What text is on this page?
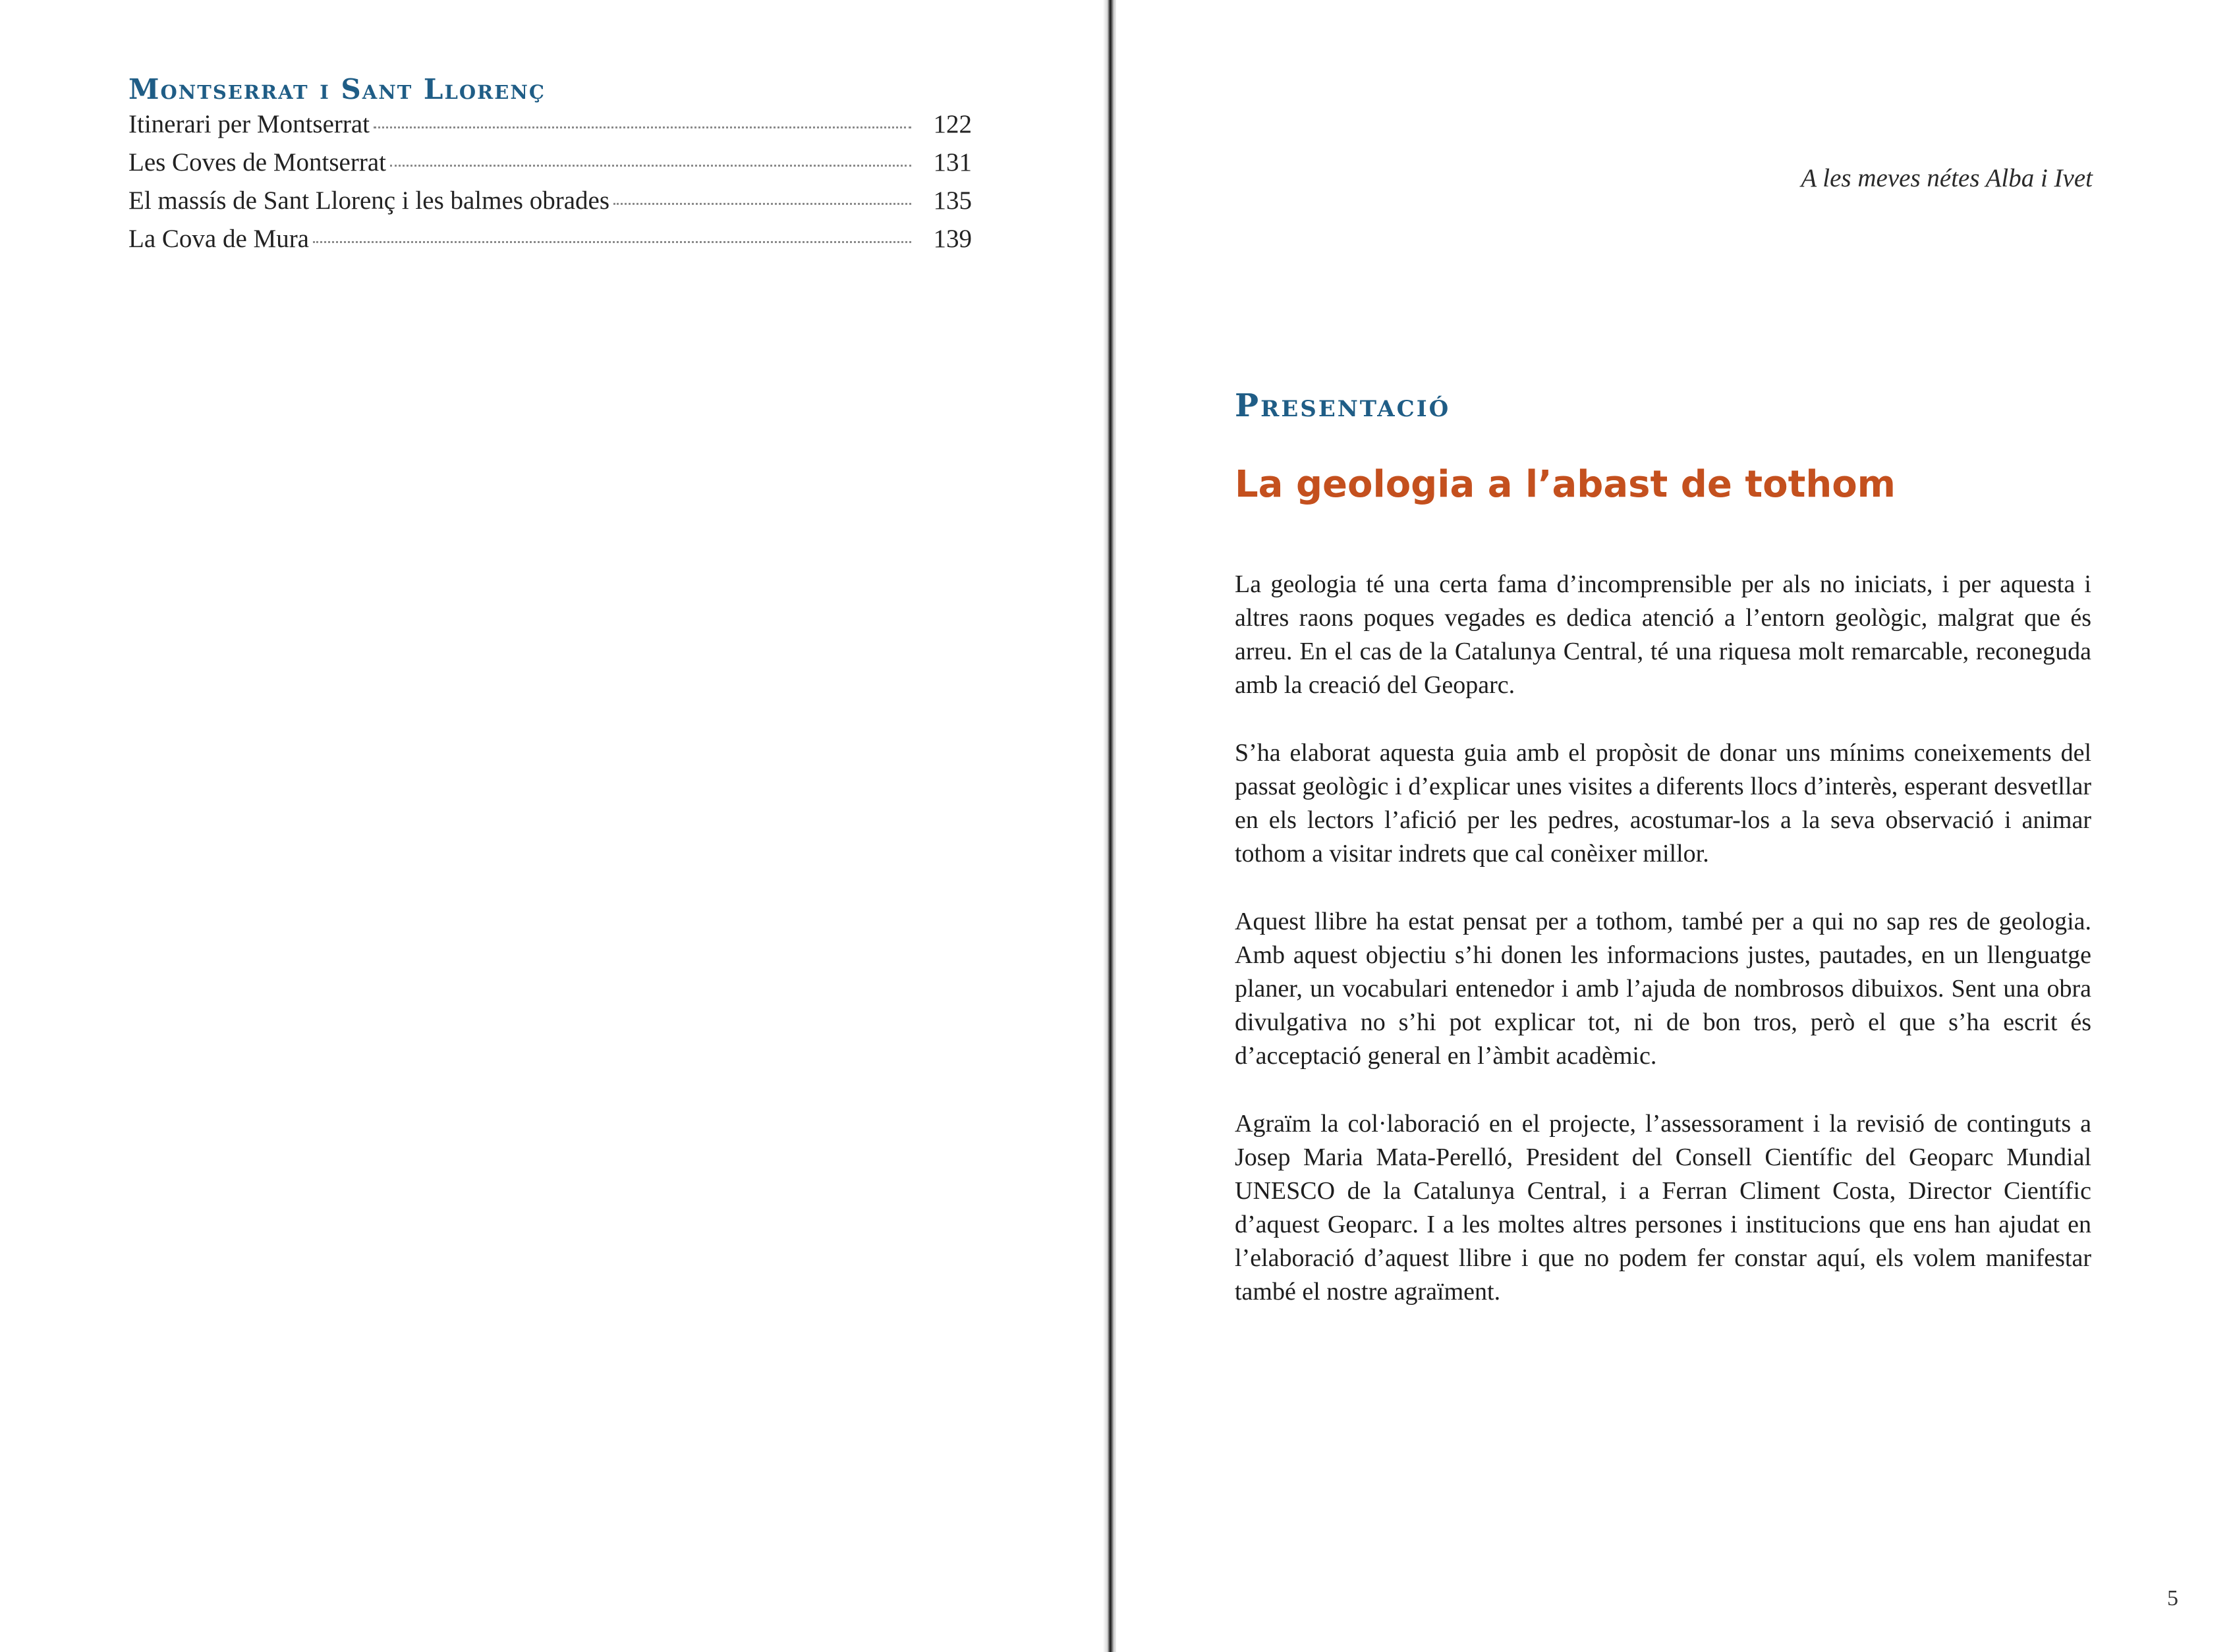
Montserrat i Sant Llorenç
Itinerari per Montserrat	122
Les Coves de Montserrat	131
El massís de Sant Llorenç i les balmes obrades	135
La Cova de Mura	139
A les meves nétes Alba i Ivet
Presentació
La geologia a l’abast de tothom

La geologia té una certa fama d’incomprensible per als no iniciats, i per aquesta i altres raons poques vegades es dedica atenció a l’entorn geològic, malgrat que és arreu. En el cas de la Catalunya Central, té una riquesa molt remarcable, reconeguda amb la creació del Geoparc.

S’ha elaborat aquesta guia amb el propòsit de donar uns mínims coneixements del passat geològic i d’explicar unes visites a diferents llocs d’interès, esperant desvetllar en els lectors l’afició per les pedres, acostumar-los a la seva observació i animar tothom a visitar indrets que cal conèixer millor.

Aquest llibre ha estat pensat per a tothom, també per a qui no sap res de geologia. Amb aquest objectiu s’hi donen les informacions justes, pautades, en un llenguatge planer, un vocabulari entenedor i amb l’ajuda de nombrosos dibuixos. Sent una obra divulgativa no s’hi pot explicar tot, ni de bon tros, però el que s’ha escrit és d’acceptació general en l’àmbit acadèmic.

Agraïm la col·laboració en el projecte, l’assessorament i la revisió de continguts a Josep Maria Mata-Perelló, President del Consell Científic del Geoparc Mundial UNESCO de la Catalunya Central, i a Ferran Climent Costa, Director Científic d’aquest Geoparc. I a les moltes altres persones i institucions que ens han ajudat en l’elaboració d’aquest llibre i que no podem fer constar aquí, els volem manifestar també el nostre agraïment.

5
